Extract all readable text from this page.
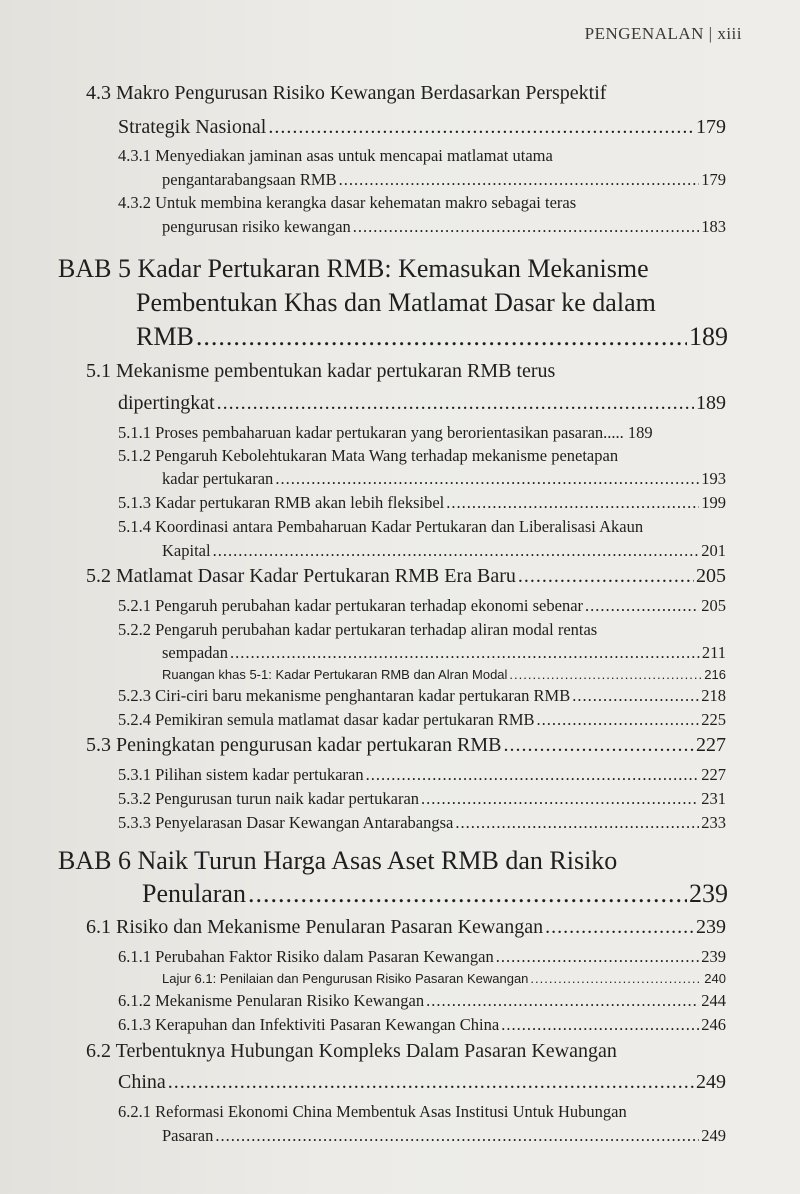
PENGENALAN | xiii
4.3 Makro Pengurusan Risiko Kewangan Berdasarkan Perspektif
Strategik Nasional .....	179
4.3.1 Menyediakan jaminan asas untuk mencapai matlamat utama
pengantarabangsaan RMB .....	179
4.3.2 Untuk membina kerangka dasar kehematan makro sebagai teras
pengurusan risiko kewangan .....	183
BAB 5 Kadar Pertukaran RMB: Kemasukan Mekanisme
Pembentukan Khas dan Matlamat Dasar ke dalam
RMB .....	189
5.1 Mekanisme pembentukan kadar pertukaran RMB terus
dipertingkat .....	189
5.1.1 Proses pembaharuan kadar pertukaran yang berorientasikan pasaran..... 189
5.1.2 Pengaruh Kebolehtukaran Mata Wang terhadap mekanisme penetapan
kadar pertukaran .....	193
5.1.3 Kadar pertukaran RMB akan lebih fleksibel .....	199
5.1.4 Koordinasi antara Pembaharuan Kadar Pertukaran dan Liberalisasi Akaun
Kapital .....	201
5.2 Matlamat Dasar Kadar Pertukaran RMB Era Baru .....	205
5.2.1 Pengaruh perubahan kadar pertukaran terhadap ekonomi sebenar .....	205
5.2.2 Pengaruh perubahan kadar pertukaran terhadap aliran modal rentas
sempadan .....	211
Ruangan khas 5-1: Kadar Pertukaran RMB dan Alran Modal .....	216
5.2.3 Ciri-ciri baru mekanisme penghantaran kadar pertukaran RMB .....	218
5.2.4 Pemikiran semula matlamat dasar kadar pertukaran RMB .....	225
5.3 Peningkatan pengurusan kadar pertukaran RMB .....	227
5.3.1 Pilihan sistem kadar pertukaran .....	227
5.3.2 Pengurusan turun naik kadar pertukaran .....	231
5.3.3 Penyelarasan Dasar Kewangan Antarabangsa .....	233
BAB 6 Naik Turun Harga Asas Aset RMB dan Risiko
Penularan .....	239
6.1 Risiko dan Mekanisme Penularan Pasaran Kewangan .....	239
6.1.1 Perubahan Faktor Risiko dalam Pasaran Kewangan .....	239
Lajur 6.1: Penilaian dan Pengurusan Risiko Pasaran Kewangan .....	240
6.1.2 Mekanisme Penularan Risiko Kewangan .....	244
6.1.3 Kerapuhan dan Infektiviti Pasaran Kewangan China .....	246
6.2 Terbentuknya Hubungan Kompleks Dalam Pasaran Kewangan
China .....	249
6.2.1 Reformasi Ekonomi China Membentuk Asas Institusi Untuk Hubungan
Pasaran .....	249
